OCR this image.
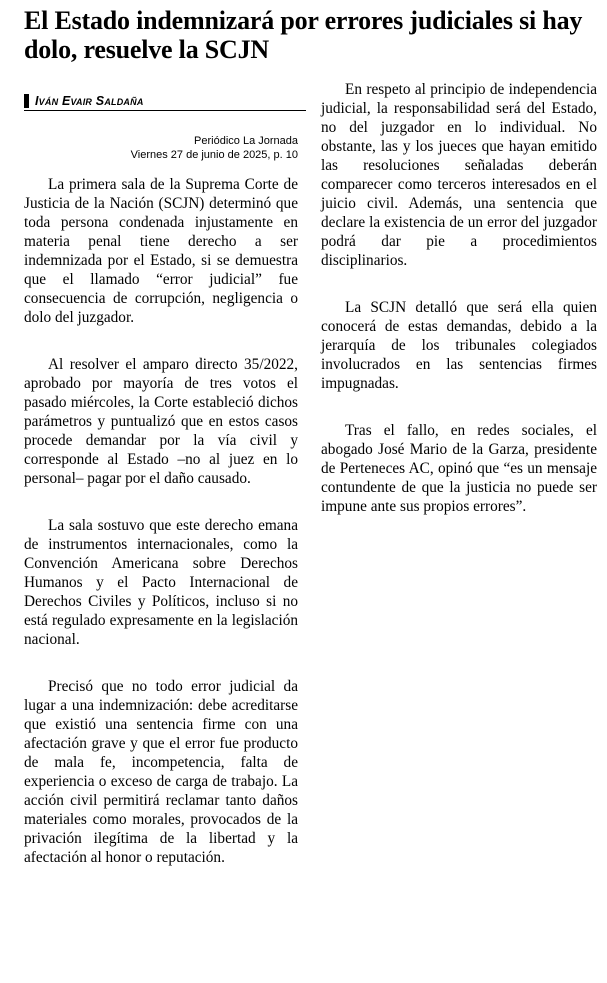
El Estado indemnizará por errores judiciales si hay dolo, resuelve la SCJN
Iván Evair Saldaña
Periódico La Jornada
Viernes 27 de junio de 2025, p. 10

La primera sala de la Suprema Corte de Justicia de la Nación (SCJN) determinó que toda persona condenada injustamente en materia penal tiene derecho a ser indemnizada por el Estado, si se demuestra que el llamado “error judicial” fue consecuencia de corrupción, negligencia o dolo del juzgador.

Al resolver el amparo directo 35/2022, aprobado por mayoría de tres votos el pasado miércoles, la Corte estableció dichos parámetros y puntualizó que en estos casos procede demandar por la vía civil y corresponde al Estado –no al juez en lo personal– pagar por el daño causado.

La sala sostuvo que este derecho emana de instrumentos internacionales, como la Convención Americana sobre Derechos Humanos y el Pacto Internacional de Derechos Civiles y Políticos, incluso si no está regulado expresamente en la legislación nacional.

Precisó que no todo error judicial da lugar a una indemnización: debe acreditarse que existió una sentencia firme con una afectación grave y que el error fue producto de mala fe, incompetencia, falta de experiencia o exceso de carga de trabajo. La acción civil permitirá reclamar tanto daños materiales como morales, provocados de la privación ilegítima de la libertad y la afectación al honor o reputación.

En respeto al principio de independencia judicial, la responsabilidad será del Estado, no del juzgador en lo individual. No obstante, las y los jueces que hayan emitido las resoluciones señaladas deberán comparecer como terceros interesados en el juicio civil. Además, una sentencia que declare la existencia de un error del juzgador podrá dar pie a procedimientos disciplinarios.

La SCJN detalló que será ella quien conocerá de estas demandas, debido a la jerarquía de los tribunales colegiados involucrados en las sentencias firmes impugnadas.

Tras el fallo, en redes sociales, el abogado José Mario de la Garza, presidente de Perteneces AC, opinó que “es un mensaje contundente de que la justicia no puede ser impune ante sus propios errores”.
